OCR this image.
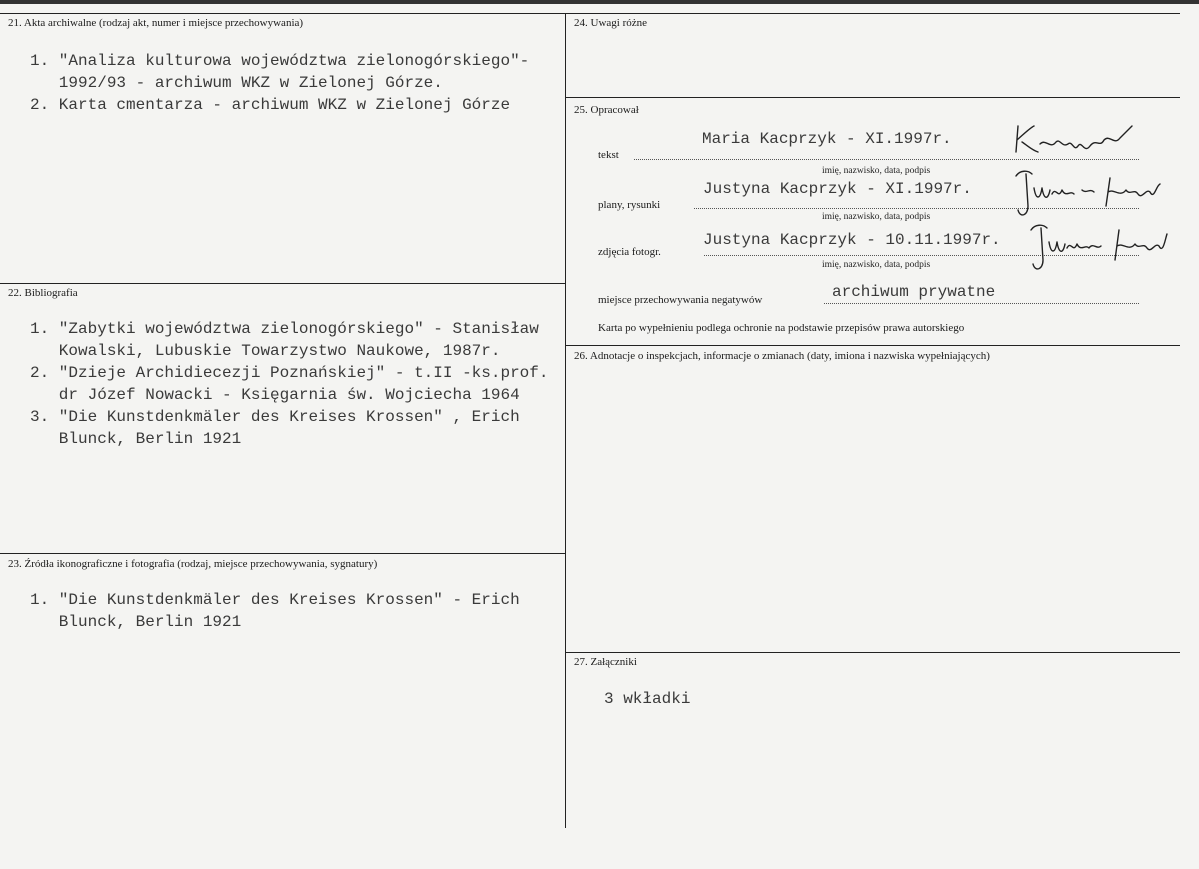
21. Akta archiwalne (rodzaj akt, numer i miejsce przechowywania)
1. "Analiza kulturowa województwa zielonogórskiego"-
1992/93 - archiwum WKZ w Zielonej Górze.
2. Karta cmentarza - archiwum WKZ w Zielonej Górze
22. Bibliografia
1. "Zabytki województwa zielonogórskiego" - Stanisław
Kowalski, Lubuskie Towarzystwo Naukowe, 1987r.
2. "Dzieje Archidiecezji Poznańskiej" - t.II -ks.prof.
dr Józef Nowacki - Księgarnia św. Wojciecha 1964
3. "Die Kunstdenkmäler des Kreises Krossen" , Erich
Blunck, Berlin 1921
23. Źródła ikonograficzne i fotografia (rodzaj, miejsce przechowywania, sygnatury)
1. "Die Kunstdenkmäler des Kreises Krossen" - Erich
Blunck, Berlin 1921
24. Uwagi różne
25. Opracował
tekst
Maria Kacprzyk - XI.1997r.
imię, nazwisko, data, podpis
plany, rysunki
Justyna Kacprzyk - XI.1997r.
imię, nazwisko, data, podpis
zdjęcia fotogr.
Justyna Kacprzyk - 10.11.1997r.
imię, nazwisko, data, podpis
miejsce przechowywania negatywów	archiwum prywatne
Karta po wypełnieniu podlega ochronie na podstawie przepisów prawa autorskiego
26. Adnotacje o inspekcjach, informacje o zmianach (daty, imiona i nazwiska wypełniających)
27. Załączniki
3 wkładki
